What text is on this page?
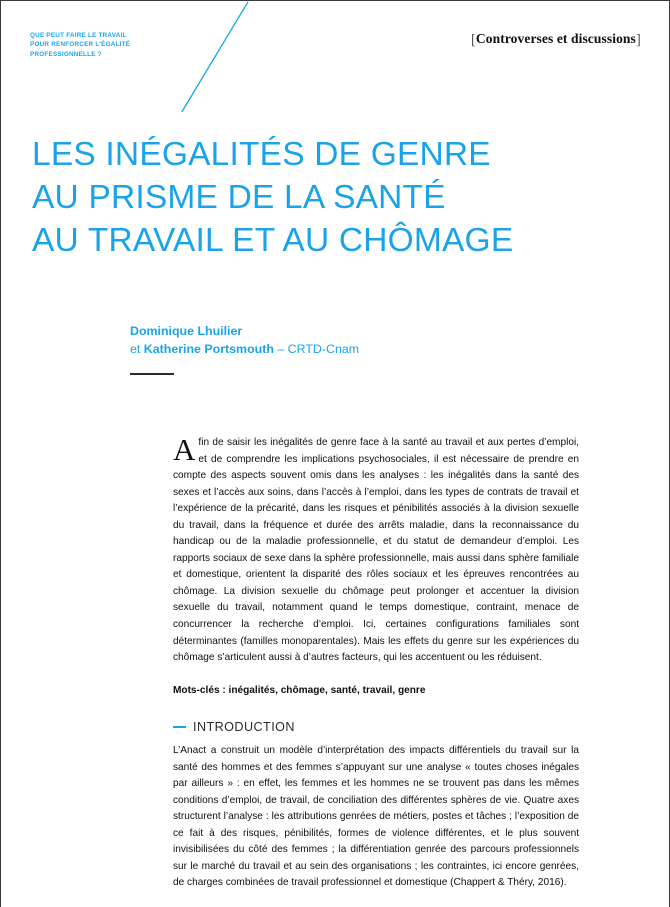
QUE PEUT FAIRE LE TRAVAIL
POUR RENFORCER L'ÉGALITÉ
PROFESSIONNELLE ?
[Controverses et discussions]
LES INÉGALITÉS DE GENRE
AU PRISME DE LA SANTÉ
AU TRAVAIL ET AU CHÔMAGE
Dominique Lhuilier
et Katherine Portsmouth – CRTD-Cnam

Afin de saisir les inégalités de genre face à la santé au travail et aux pertes d’emploi, et de comprendre les implications psychosociales, il est nécessaire de prendre en compte des aspects souvent omis dans les analyses : les inégalités dans la santé des sexes et l’accès aux soins, dans l’accès à l’emploi, dans les types de contrats de travail et l’expérience de la précarité, dans les risques et pénibilités associés à la division sexuelle du travail, dans la fréquence et durée des arrêts maladie, dans la reconnaissance du handicap ou de la maladie professionnelle, et du statut de demandeur d’emploi. Les rapports sociaux de sexe dans la sphère professionnelle, mais aussi dans sphère familiale et domestique, orientent la disparité des rôles sociaux et les épreuves rencontrées au chômage. La division sexuelle du chômage peut prolonger et accentuer la division sexuelle du travail, notamment quand le temps domestique, contraint, menace de concurrencer la recherche d’emploi. Ici, certaines configurations familiales sont déterminantes (familles monoparentales). Mais les effets du genre sur les expériences du chômage s’articulent aussi à d’autres facteurs, qui les accentuent ou les réduisent.

Mots-clés : inégalités, chômage, santé, travail, genre
INTRODUCTION

L’Anact a construit un modèle d’interprétation des impacts différentiels du travail sur la santé des hommes et des femmes s’appuyant sur une analyse « toutes choses inégales par ailleurs » : en effet, les femmes et les hommes ne se trouvent pas dans les mêmes conditions d’emploi, de travail, de conciliation des différentes sphères de vie. Quatre axes structurent l’analyse : les attributions genrées de métiers, postes et tâches ; l’exposition de ce fait à des risques, pénibilités, formes de violence différentes, et le plus souvent invisibilisées du côté des femmes ; la différentiation genrée des parcours professionnels sur le marché du travail et au sein des organisations ; les contraintes, ici encore genrées, de charges combinées de travail professionnel et domestique (Chappert & Théry, 2016).
